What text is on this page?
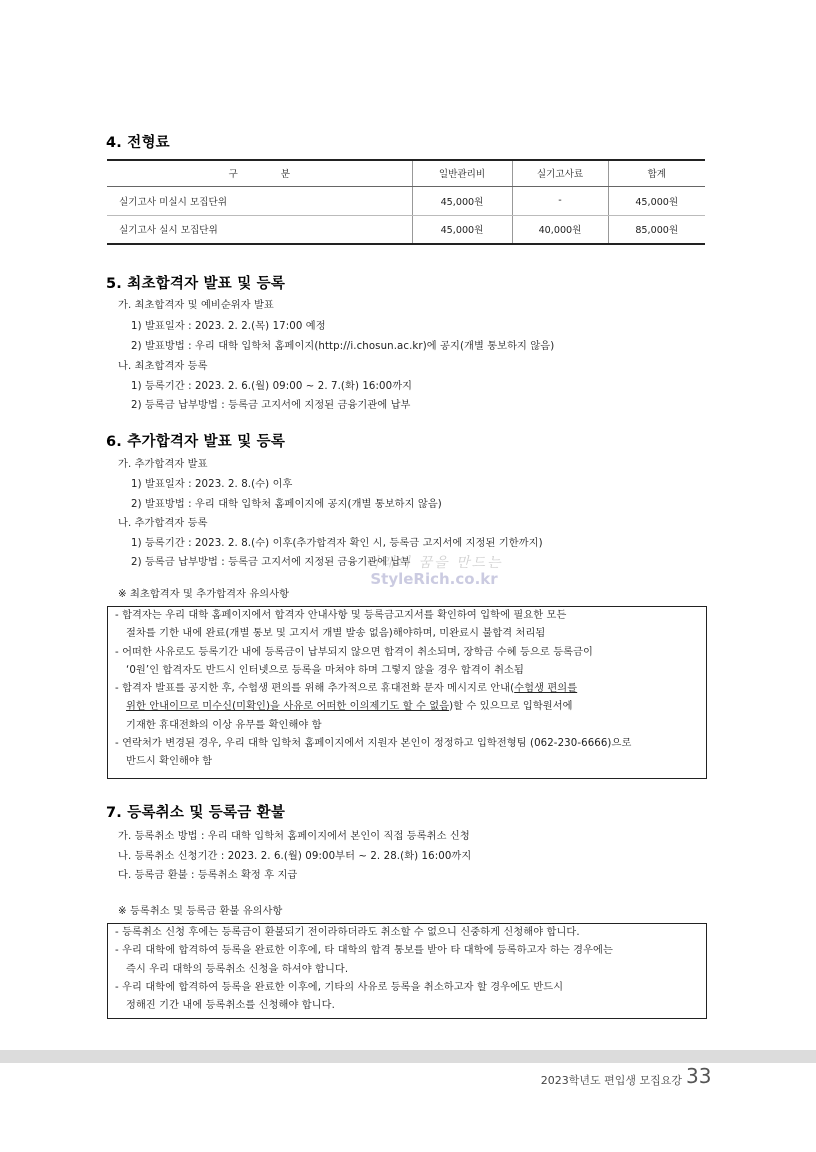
4. 전형료
구 분	일반관리비	실기고사료	합계
실기고사 미실시 모집단위	45,000원	-	45,000원
실기고사 실시 모집단위	45,000원	40,000원	85,000원
5. 최초합격자 발표 및 등록
가. 최초합격자 및 예비순위자 발표
1) 발표일자 : 2023. 2. 2.(목) 17:00 예정
2) 발표방법 : 우리 대학 입학처 홈페이지(http://i.chosun.ac.kr)에 공지(개별 통보하지 않음)
나. 최초합격자 등록
1) 등록기간 : 2023. 2. 6.(월) 09:00 ~ 2. 7.(화) 16:00까지
2) 등록금 납부방법 : 등록금 고지서에 지정된 금융기관에 납부
6. 추가합격자 발표 및 등록
가. 추가합격자 발표
1) 발표일자 : 2023. 2. 8.(수) 이후
2) 발표방법 : 우리 대학 입학처 홈페이지에 공지(개별 통보하지 않음)
나. 추가합격자 등록
1) 등록기간 : 2023. 2. 8.(수) 이후(추가합격자 확인 시, 등록금 고지서에 지정된 기한까지)
2) 등록금 납부방법 : 등록금 고지서에 지정된 금융기관에 납부
미래의 꿈을 만드는
StyleRich.co.kr
※ 최초합격자 및 추가합격자 유의사항
- 합격자는 우리 대학 홈페이지에서 합격자 안내사항 및 등록금고지서를 확인하여 입학에 필요한 모든
절차를 기한 내에 완료(개별 통보 및 고지서 개별 발송 없음)해야하며, 미완료시 불합격 처리됨
- 어떠한 사유로도 등록기간 내에 등록금이 납부되지 않으면 합격이 취소되며, 장학금 수혜 등으로 등록금이
‘0원’인 합격자도 반드시 인터넷으로 등록을 마쳐야 하며 그렇지 않을 경우 합격이 취소됨
- 합격자 발표를 공지한 후, 수험생 편의를 위해 추가적으로 휴대전화 문자 메시지로 안내(수험생 편의를
위한 안내이므로 미수신(미확인)을 사유로 어떠한 이의제기도 할 수 없음)할 수 있으므로 입학원서에
기재한 휴대전화의 이상 유무를 확인해야 함
- 연락처가 변경된 경우, 우리 대학 입학처 홈페이지에서 지원자 본인이 정정하고 입학전형팀 (062-230-6666)으로
반드시 확인해야 함
7. 등록취소 및 등록금 환불
가. 등록취소 방법 : 우리 대학 입학처 홈페이지에서 본인이 직접 등록취소 신청
나. 등록취소 신청기간 : 2023. 2. 6.(월) 09:00부터 ~ 2. 28.(화) 16:00까지
다. 등록금 환불 : 등록취소 확정 후 지급
※ 등록취소 및 등록금 환불 유의사항
- 등록취소 신청 후에는 등록금이 환불되기 전이라하더라도 취소할 수 없으니 신중하게 신청해야 합니다.
- 우리 대학에 합격하여 등록을 완료한 이후에, 타 대학의 합격 통보를 받아 타 대학에 등록하고자 하는 경우에는
즉시 우리 대학의 등록취소 신청을 하셔야 합니다.
- 우리 대학에 합격하여 등록을 완료한 이후에, 기타의 사유로 등록을 취소하고자 할 경우에도 반드시
정해진 기간 내에 등록취소를 신청해야 합니다.
2023학년도 편입생 모집요강 33
